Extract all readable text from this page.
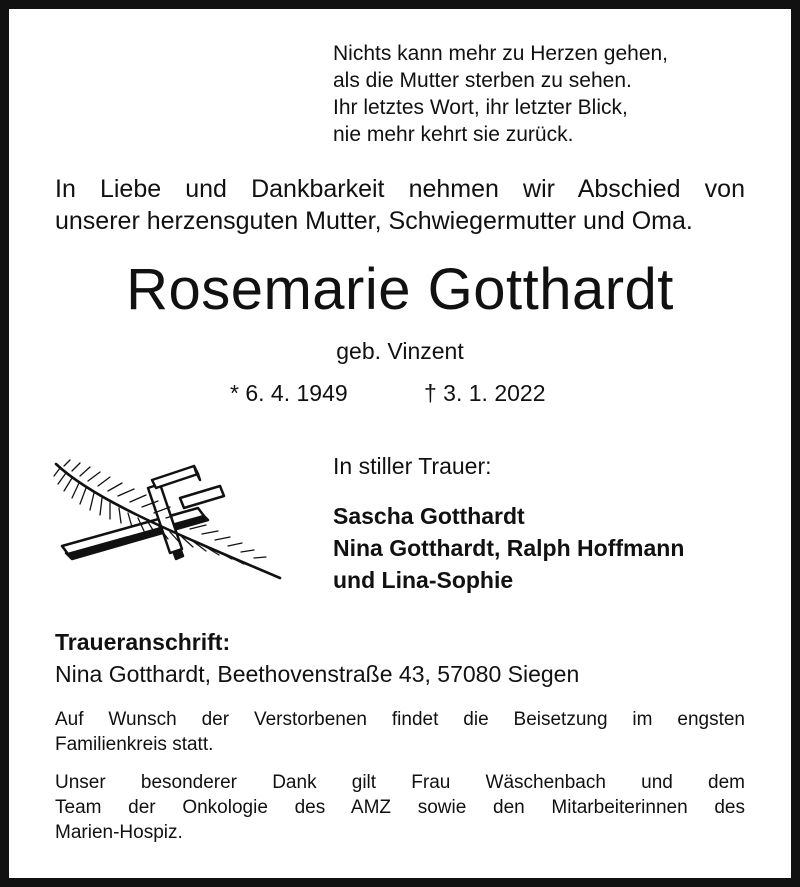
Nichts kann mehr zu Herzen gehen,
als die Mutter sterben zu sehen.
Ihr letztes Wort, ihr letzter Blick,
nie mehr kehrt sie zurück.
In Liebe und Dankbarkeit nehmen wir Abschied von
unserer herzensguten Mutter, Schwiegermutter und Oma.
Rosemarie Gotthardt
geb. Vinzent
* 6. 4. 1949	† 3. 1. 2022
In stiller Trauer:
Sascha Gotthardt
Nina Gotthardt, Ralph Hoffmann
und Lina-Sophie
Traueranschrift:
Nina Gotthardt, Beethovenstraße 43, 57080 Siegen
Auf Wunsch der Verstorbenen findet die Beisetzung im engsten
Familienkreis statt.
Unser besonderer Dank gilt Frau Wäschenbach und dem
Team der Onkologie des AMZ sowie den Mitarbeiterinnen des
Marien-Hospiz.
